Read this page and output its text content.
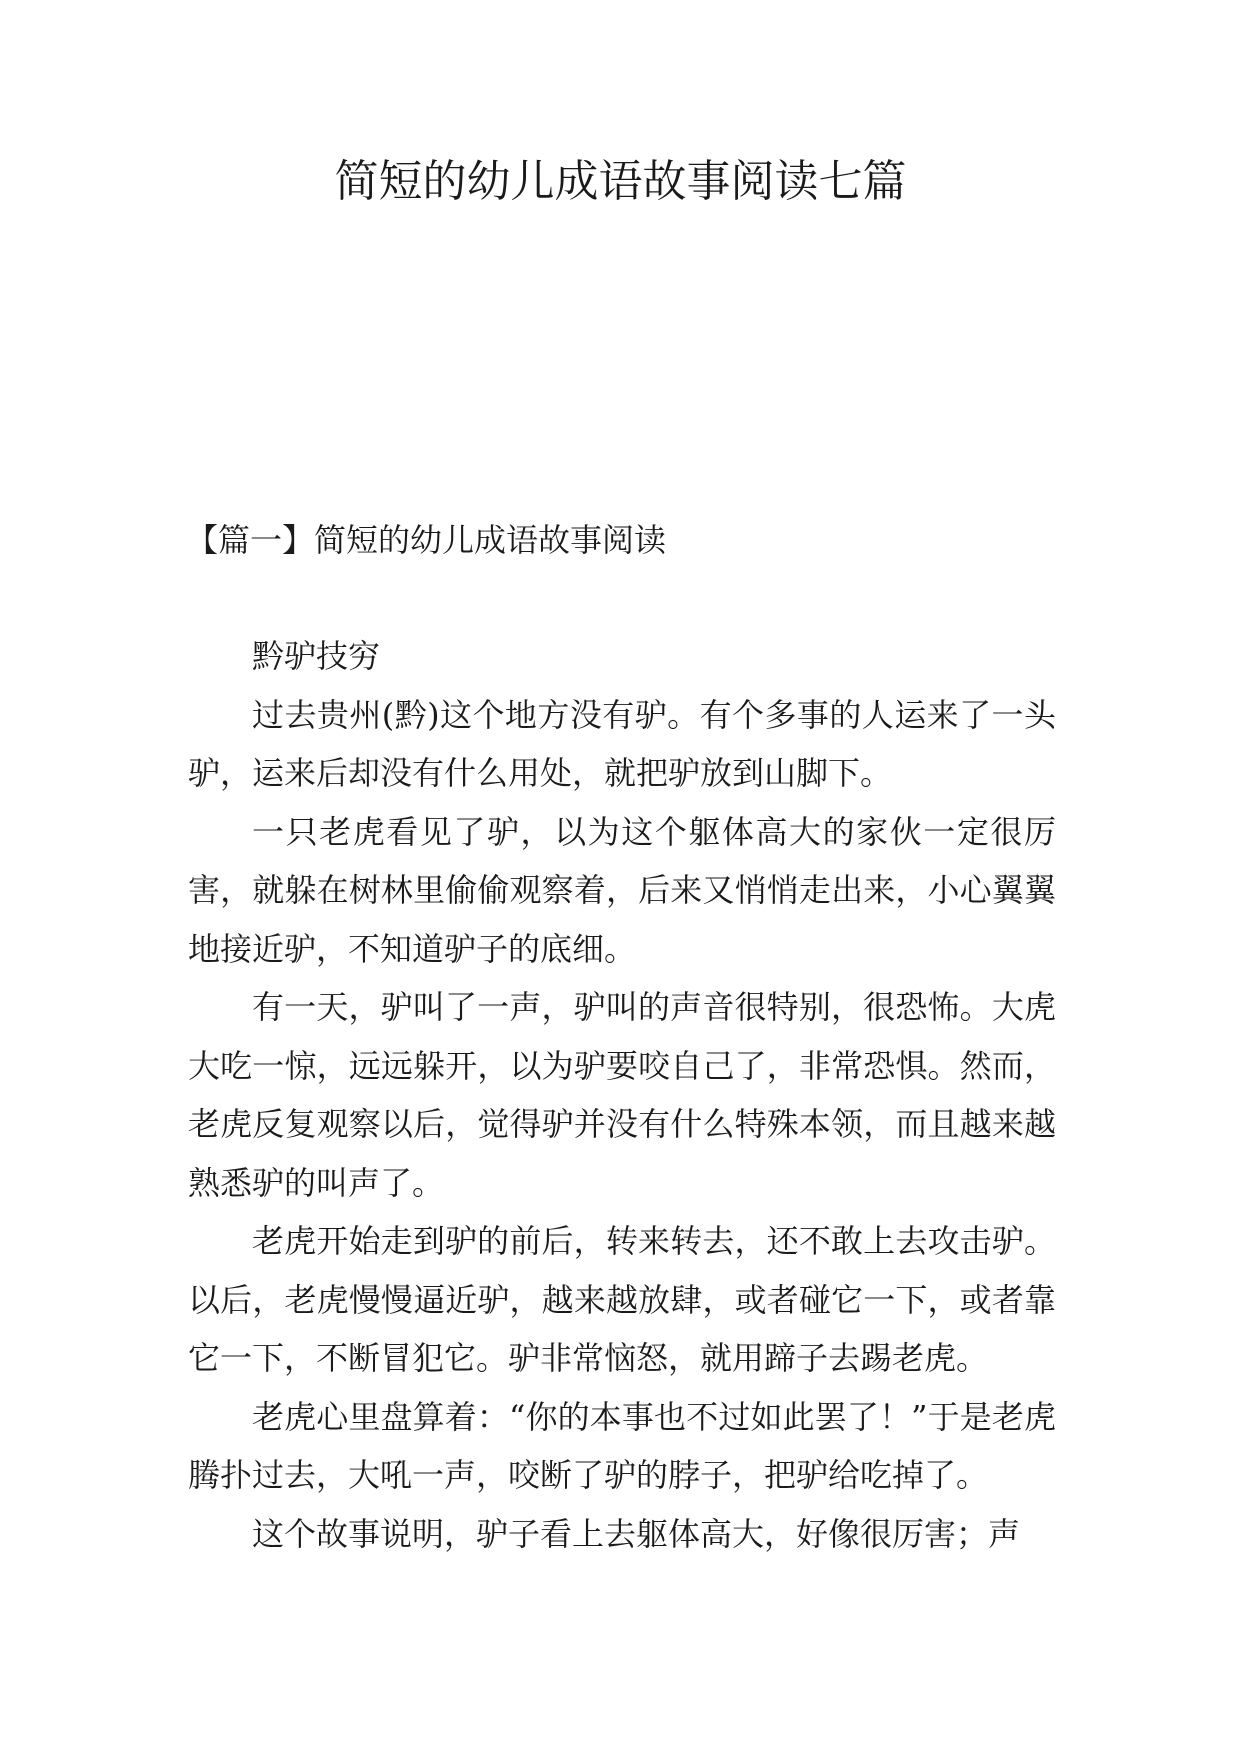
简短的幼儿成语故事阅读七篇
【篇一】简短的幼儿成语故事阅读

黔驴技穷

过去贵州(黔)这个地方没有驴。有个多事的人运来了一头驴，运来后却没有什么用处，就把驴放到山脚下。

一只老虎看见了驴，以为这个躯体高大的家伙一定很厉害，就躲在树林里偷偷观察着，后来又悄悄走出来，小心翼翼地接近驴，不知道驴子的底细。

有一天，驴叫了一声，驴叫的声音很特别，很恐怖。大虎大吃一惊，远远躲开，以为驴要咬自己了，非常恐惧。然而，老虎反复观察以后，觉得驴并没有什么特殊本领，而且越来越熟悉驴的叫声了。

老虎开始走到驴的前后，转来转去，还不敢上去攻击驴。以后，老虎慢慢逼近驴，越来越放肆，或者碰它一下，或者靠它一下，不断冒犯它。驴非常恼怒，就用蹄子去踢老虎。

老虎心里盘算着：“你的本事也不过如此罢了！”于是老虎腾扑过去，大吼一声，咬断了驴的脖子，把驴给吃掉了。

这个故事说明，驴子看上去躯体高大，好像很厉害；声
